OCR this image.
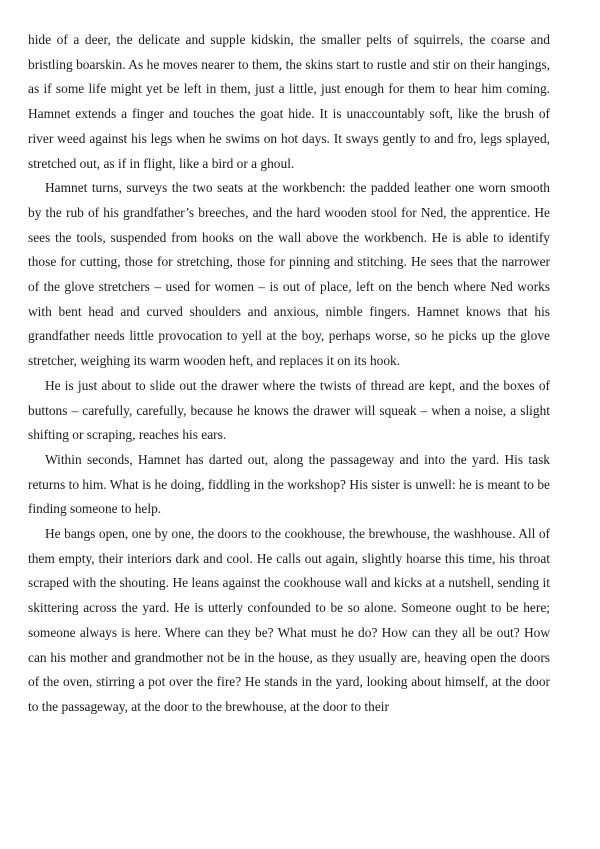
hide of a deer, the delicate and supple kidskin, the smaller pelts of squirrels, the coarse and bristling boarskin. As he moves nearer to them, the skins start to rustle and stir on their hangings, as if some life might yet be left in them, just a little, just enough for them to hear him coming. Hamnet extends a finger and touches the goat hide. It is unaccountably soft, like the brush of river weed against his legs when he swims on hot days. It sways gently to and fro, legs splayed, stretched out, as if in flight, like a bird or a ghoul.

Hamnet turns, surveys the two seats at the workbench: the padded leather one worn smooth by the rub of his grandfather’s breeches, and the hard wooden stool for Ned, the apprentice. He sees the tools, suspended from hooks on the wall above the workbench. He is able to identify those for cutting, those for stretching, those for pinning and stitching. He sees that the narrower of the glove stretchers – used for women – is out of place, left on the bench where Ned works with bent head and curved shoulders and anxious, nimble fingers. Hamnet knows that his grandfather needs little provocation to yell at the boy, perhaps worse, so he picks up the glove stretcher, weighing its warm wooden heft, and replaces it on its hook.

He is just about to slide out the drawer where the twists of thread are kept, and the boxes of buttons – carefully, carefully, because he knows the drawer will squeak – when a noise, a slight shifting or scraping, reaches his ears.

Within seconds, Hamnet has darted out, along the passageway and into the yard. His task returns to him. What is he doing, fiddling in the workshop? His sister is unwell: he is meant to be finding someone to help.

He bangs open, one by one, the doors to the cookhouse, the brewhouse, the washhouse. All of them empty, their interiors dark and cool. He calls out again, slightly hoarse this time, his throat scraped with the shouting. He leans against the cookhouse wall and kicks at a nutshell, sending it skittering across the yard. He is utterly confounded to be so alone. Someone ought to be here; someone always is here. Where can they be? What must he do? How can they all be out? How can his mother and grandmother not be in the house, as they usually are, heaving open the doors of the oven, stirring a pot over the fire? He stands in the yard, looking about himself, at the door to the passageway, at the door to the brewhouse, at the door to their
